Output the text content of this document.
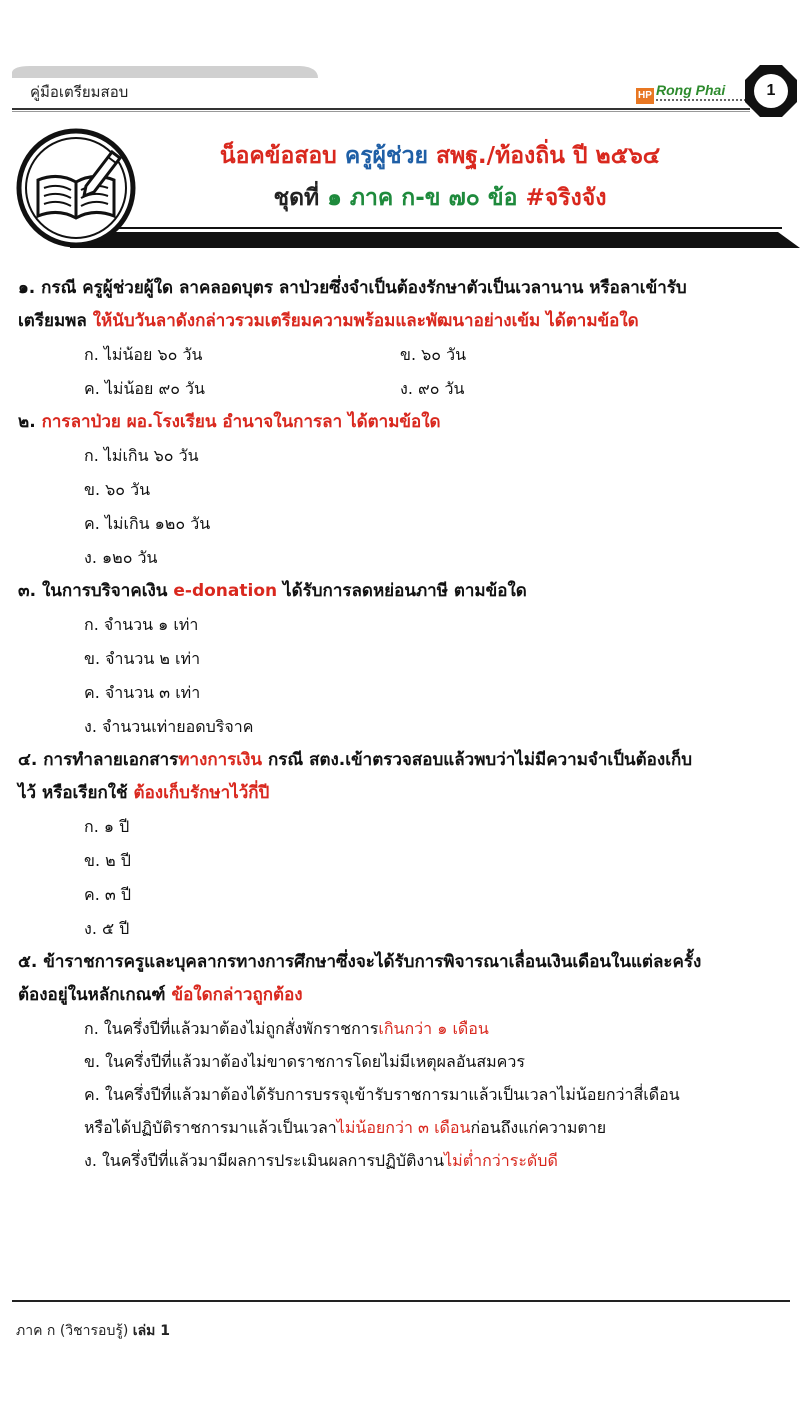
คู่มือเตรียมสอบ	HP Rong Phai	1
น็อคข้อสอบ ครูผู้ช่วย สพฐ./ท้องถิ่น ปี ๒๕๖๔
ชุดที่ ๑ ภาค ก-ข ๗๐ ข้อ #จริงจัง

๑. กรณี ครูผู้ช่วยผู้ใด ลาคลอดบุตร ลาป่วยซึ่งจำเป็นต้องรักษาตัวเป็นเวลานาน หรือลาเข้ารับ

เตรียมพล ให้นับวันลาดังกล่าวรวมเตรียมความพร้อมและพัฒนาอย่างเข้ม ได้ตามข้อใด

ก. ไม่น้อย ๖๐ วัน	ข. ๖๐ วัน
ค. ไม่น้อย ๙๐ วัน	ง. ๙๐ วัน

๒. การลาป่วย ผอ.โรงเรียน อำนาจในการลา ได้ตามข้อใด

ก. ไม่เกิน ๖๐ วัน
ข. ๖๐ วัน
ค. ไม่เกิน ๑๒๐ วัน
ง. ๑๒๐ วัน

๓. ในการบริจาคเงิน e-donation ได้รับการลดหย่อนภาษี ตามข้อใด

ก. จำนวน ๑ เท่า
ข. จำนวน ๒ เท่า
ค. จำนวน ๓ เท่า
ง. จำนวนเท่ายอดบริจาค

๔. การทำลายเอกสารทางการเงิน กรณี สตง.เข้าตรวจสอบแล้วพบว่าไม่มีความจำเป็นต้องเก็บ

ไว้ หรือเรียกใช้ ต้องเก็บรักษาไว้กี่ปี

ก. ๑ ปี
ข. ๒ ปี
ค. ๓ ปี
ง. ๕ ปี

๕. ข้าราชการครูและบุคลากรทางการศึกษาซึ่งจะได้รับการพิจารณาเลื่อนเงินเดือนในแต่ละครั้ง

ต้องอยู่ในหลักเกณฑ์ ข้อใดกล่าวถูกต้อง

ก. ในครึ่งปีที่แล้วมาต้องไม่ถูกสั่งพักราชการเกินกว่า ๑ เดือน
ข. ในครึ่งปีที่แล้วมาต้องไม่ขาดราชการโดยไม่มีเหตุผลอันสมควร
ค. ในครึ่งปีที่แล้วมาต้องได้รับการบรรจุเข้ารับราชการมาแล้วเป็นเวลาไม่น้อยกว่าสี่เดือน
หรือได้ปฏิบัติราชการมาแล้วเป็นเวลาไม่น้อยกว่า ๓ เดือนก่อนถึงแก่ความตาย
ง. ในครึ่งปีที่แล้วมามีผลการประเมินผลการปฏิบัติงานไม่ต่ำกว่าระดับดี
ภาค ก (วิชารอบรู้) เล่ม 1
